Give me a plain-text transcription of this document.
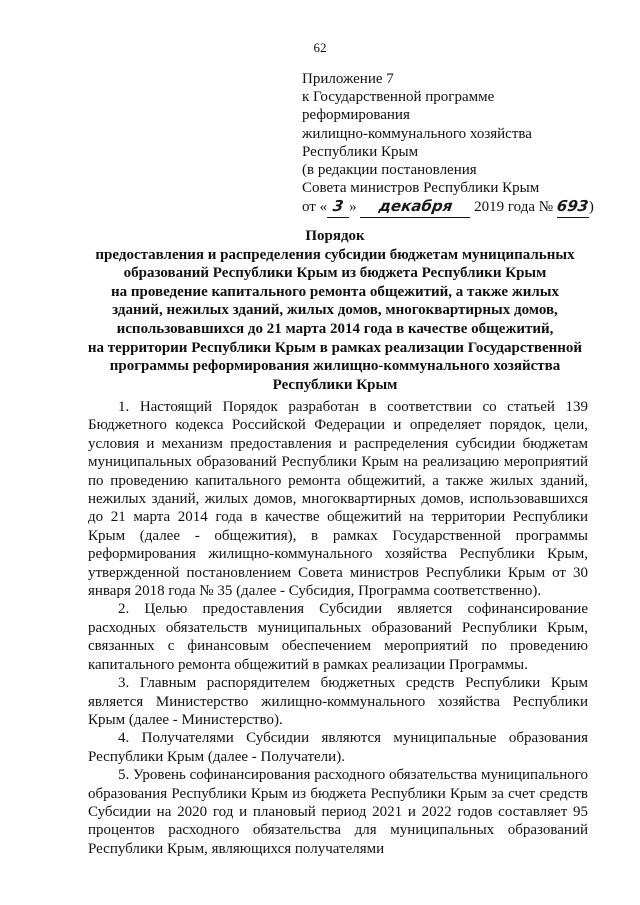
62
Приложение 7
к Государственной программе
реформирования
жилищно-коммунального хозяйства
Республики Крым
(в редакции постановления
Совета министров Республики Крым
от « 3 » декабря 2019 года № 693)
Порядок
предоставления и распределения субсидии бюджетам муниципальных
образований Республики Крым из бюджета Республики Крым
на проведение капитального ремонта общежитий, а также жилых
зданий, нежилых зданий, жилых домов, многоквартирных домов,
использовавшихся до 21 марта 2014 года в качестве общежитий,
на территории Республики Крым в рамках реализации Государственной
программы реформирования жилищно-коммунального хозяйства
Республики Крым

1. Настоящий Порядок разработан в соответствии со статьей 139 Бюджетного кодекса Российской Федерации и определяет порядок, цели, условия и механизм предоставления и распределения субсидии бюджетам муниципальных образований Республики Крым на реализацию мероприятий по проведению капитального ремонта общежитий, а также жилых зданий, нежилых зданий, жилых домов, многоквартирных домов, использовавшихся до 21 марта 2014 года в качестве общежитий на территории Республики Крым (далее - общежития), в рамках Государственной программы реформирования жилищно-коммунального хозяйства Республики Крым, утвержденной постановлением Совета министров Республики Крым от 30 января 2018 года № 35 (далее - Субсидия, Программа соответственно).

2. Целью предоставления Субсидии является софинансирование расходных обязательств муниципальных образований Республики Крым, связанных с финансовым обеспечением мероприятий по проведению капитального ремонта общежитий в рамках реализации Программы.

3. Главным распорядителем бюджетных средств Республики Крым является Министерство жилищно-коммунального хозяйства Республики Крым (далее - Министерство).

4. Получателями Субсидии являются муниципальные образования Республики Крым (далее - Получатели).

5. Уровень софинансирования расходного обязательства муниципального образования Республики Крым из бюджета Республики Крым за счет средств Субсидии на 2020 год и плановый период 2021 и 2022 годов составляет 95 процентов расходного обязательства для муниципальных образований Республики Крым, являющихся получателями
